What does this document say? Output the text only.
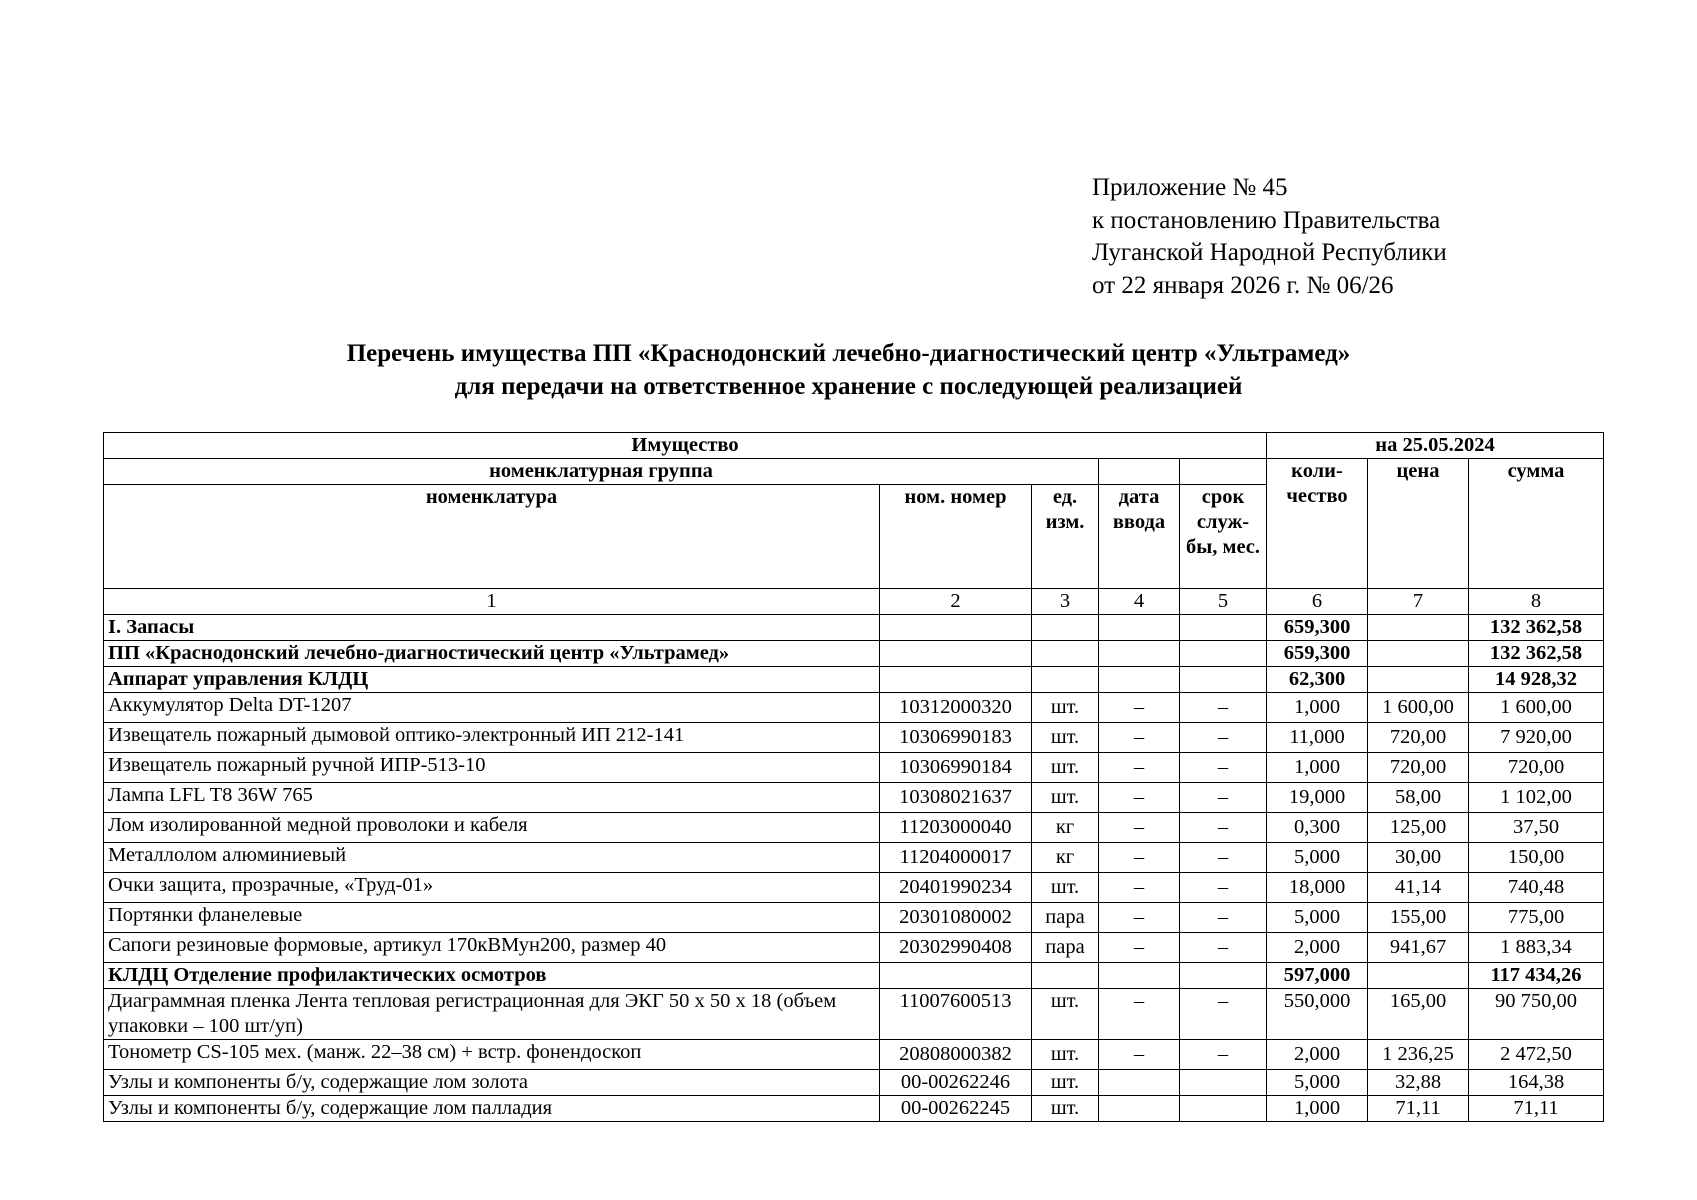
Приложение № 45
к постановлению Правительства
Луганской Народной Республики
от 22 января 2026 г. № 06/26
Перечень имущества ПП «Краснодонский лечебно-диагностический центр «Ультрамед»
для передачи на ответственное хранение с последующей реализацией
Имущество					на 25.05.2024		
номенклатурная группа					коли-чество	цена	сумма
номенклатура	ном. номер	ед. изм.	дата ввода	срок служ-бы, мес.			
1	2	3	4	5	6	7	8
I. Запасы					659,300		132 362,58
ПП «Краснодонский лечебно-диагностический центр «Ультрамед»					659,300		132 362,58
Аппарат управления КЛДЦ					62,300		14 928,32
Аккумулятор Delta DT-1207	10312000320	шт.	–	–	1,000	1 600,00	1 600,00
Извещатель пожарный дымовой оптико-электронный ИП 212-141	10306990183	шт.	–	–	11,000	720,00	7 920,00
Извещатель пожарный ручной ИПР-513-10	10306990184	шт.	–	–	1,000	720,00	720,00
Лампа LFL T8 36W 765	10308021637	шт.	–	–	19,000	58,00	1 102,00
Лом изолированной медной проволоки и кабеля	11203000040	кг	–	–	0,300	125,00	37,50
Металлолом алюминиевый	11204000017	кг	–	–	5,000	30,00	150,00
Очки защита, прозрачные, «Труд-01»	20401990234	шт.	–	–	18,000	41,14	740,48
Портянки фланелевые	20301080002	пара	–	–	5,000	155,00	775,00
Сапоги резиновые формовые, артикул 170кВМун200, размер 40	20302990408	пара	–	–	2,000	941,67	1 883,34
КЛДЦ Отделение профилактических осмотров					597,000		117 434,26
Диаграммная пленка Лента тепловая регистрационная для ЭКГ 50 x 50 x 18 (объем упаковки – 100 шт/уп)	11007600513	шт.	–	–	550,000	165,00	90 750,00
Тонометр CS-105 мех. (манж. 22–38 см) + встр. фонендоскоп	20808000382	шт.	–	–	2,000	1 236,25	2 472,50
Узлы и компоненты б/у, содержащие лом золота	00-00262246	шт.			5,000	32,88	164,38
Узлы и компоненты б/у, содержащие лом палладия	00-00262245	шт.			1,000	71,11	71,11
